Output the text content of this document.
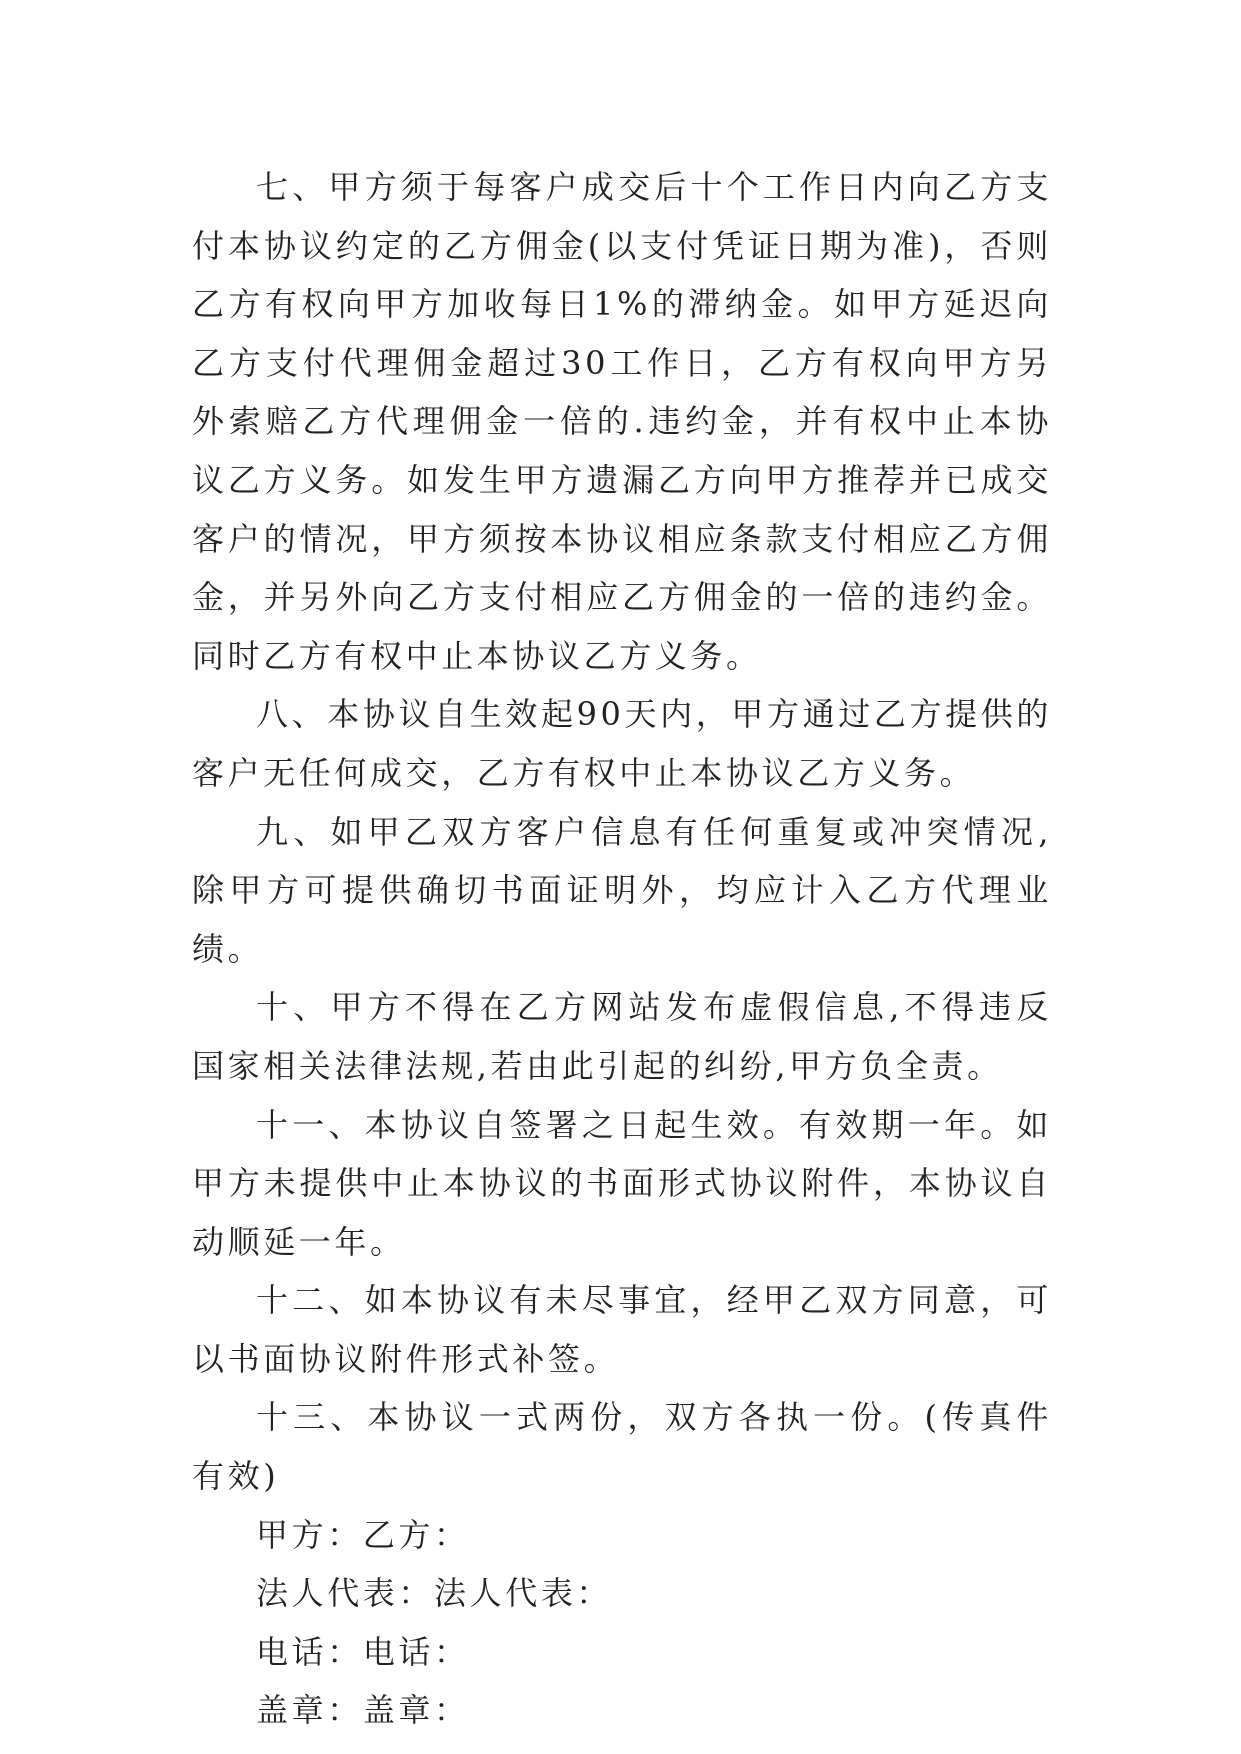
七、甲方须于每客户成交后十个工作日内向乙方支付本协议约定的乙方佣金(以支付凭证日期为准)，否则乙方有权向甲方加收每日1%的滞纳金。如甲方延迟向乙方支付代理佣金超过30工作日，乙方有权向甲方另外索赔乙方代理佣金一倍的.违约金，并有权中止本协议乙方义务。如发生甲方遗漏乙方向甲方推荐并已成交客户的情况，甲方须按本协议相应条款支付相应乙方佣金，并另外向乙方支付相应乙方佣金的一倍的违约金。同时乙方有权中止本协议乙方义务。

八、本协议自生效起90天内，甲方通过乙方提供的客户无任何成交，乙方有权中止本协议乙方义务。

九、如甲乙双方客户信息有任何重复或冲突情况,除甲方可提供确切书面证明外，均应计入乙方代理业绩。

十、甲方不得在乙方网站发布虚假信息,不得违反国家相关法律法规,若由此引起的纠纷,甲方负全责。

十一、本协议自签署之日起生效。有效期一年。如甲方未提供中止本协议的书面形式协议附件，本协议自动顺延一年。

十二、如本协议有未尽事宜，经甲乙双方同意，可以书面协议附件形式补签。

十三、本协议一式两份，双方各执一份。(传真件有效)

甲方：乙方：
法人代表：法人代表：
电话：电话：
盖章：盖章：
